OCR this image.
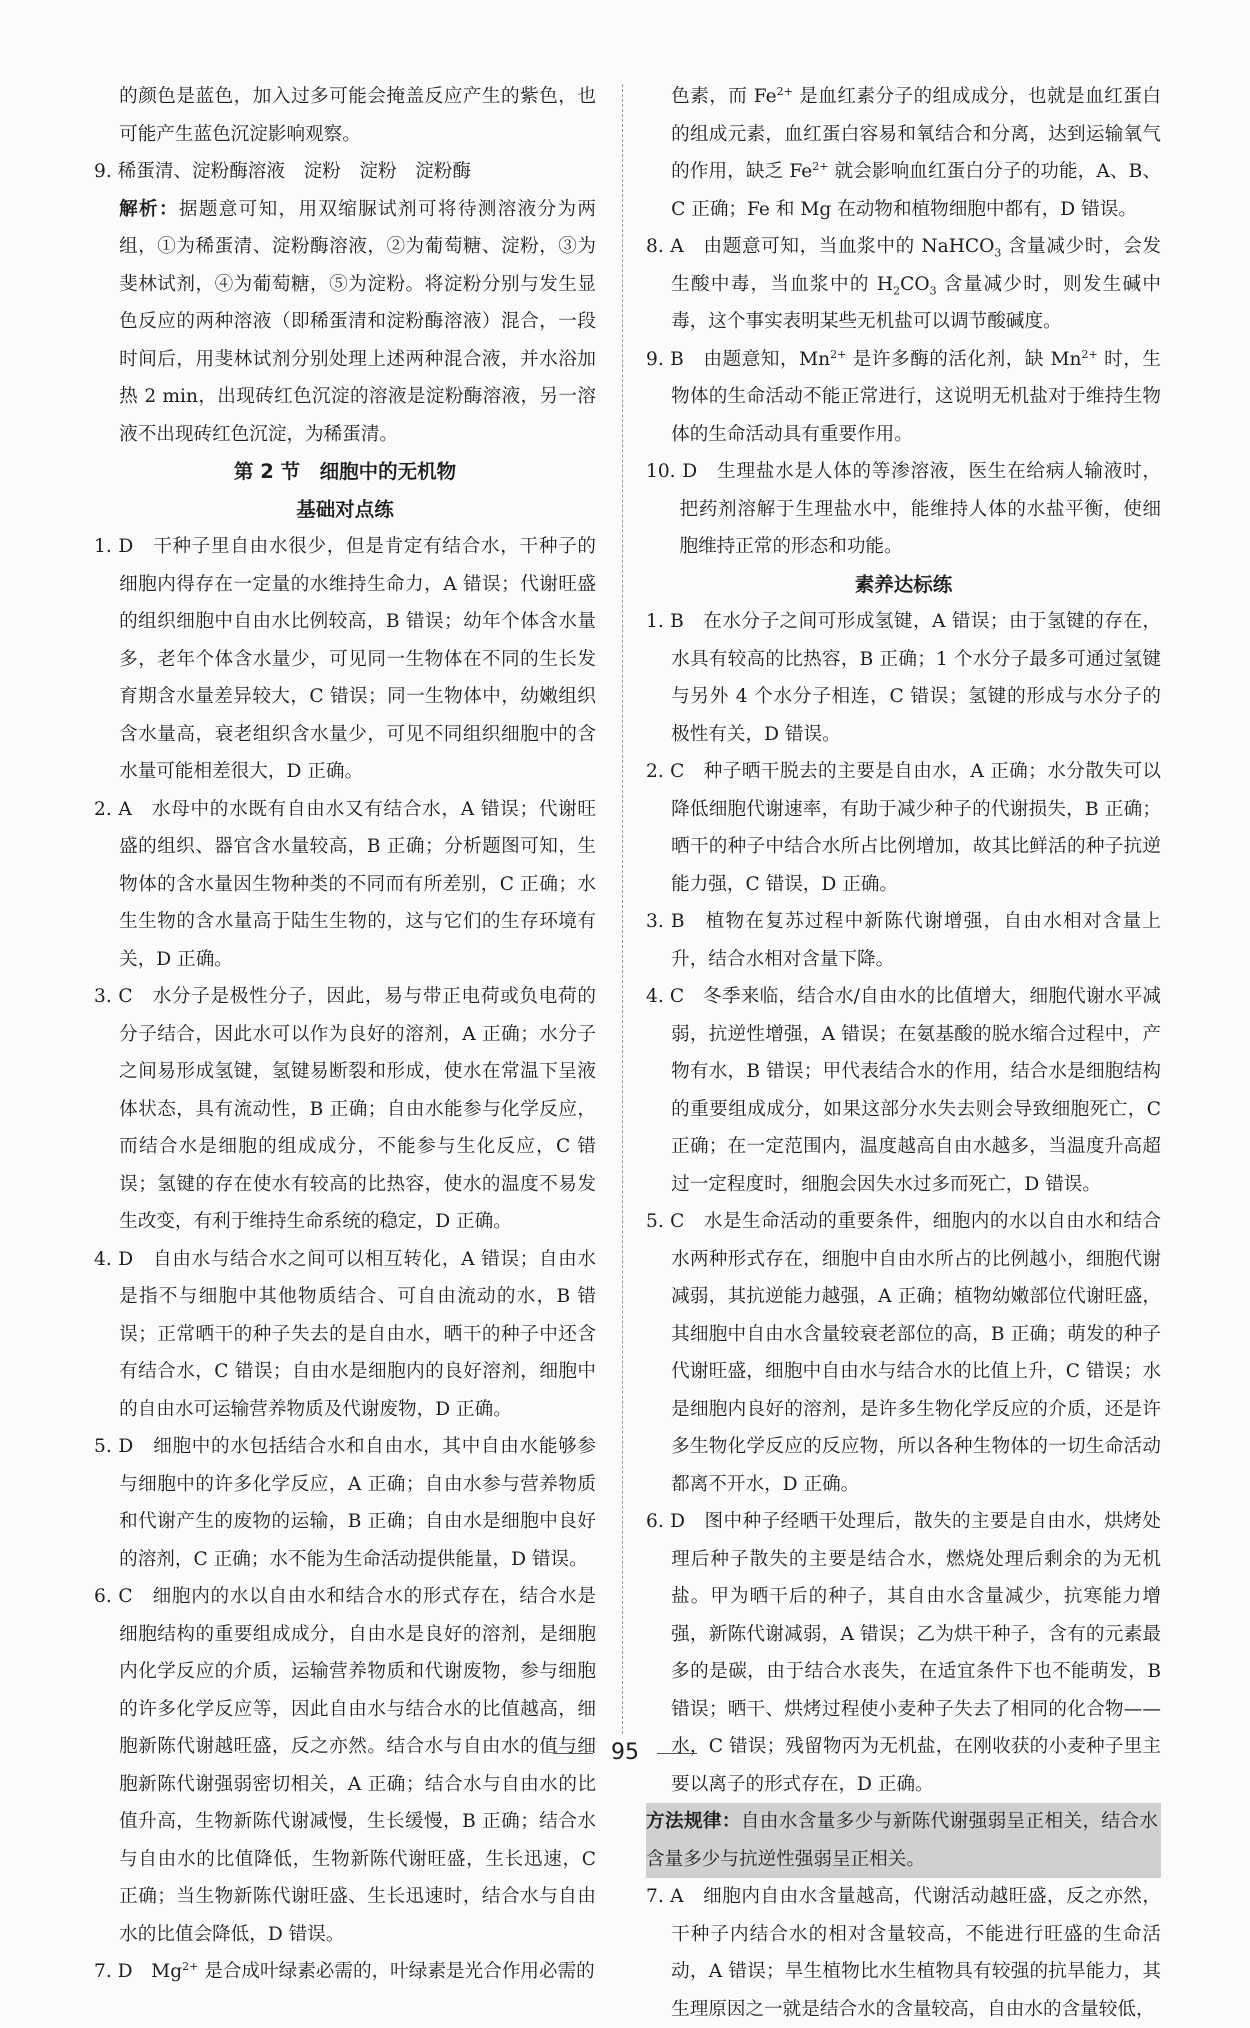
的颜色是蓝色，加入过多可能会掩盖反应产生的紫色，也可能产生蓝色沉淀影响观察。

9. 稀蛋清、淀粉酶溶液　淀粉　淀粉　淀粉酶

解析：据题意可知，用双缩脲试剂可将待测溶液分为两组，①为稀蛋清、淀粉酶溶液，②为葡萄糖、淀粉，③为斐林试剂，④为葡萄糖，⑤为淀粉。将淀粉分别与发生显色反应的两种溶液（即稀蛋清和淀粉酶溶液）混合，一段时间后，用斐林试剂分别处理上述两种混合液，并水浴加热 2 min，出现砖红色沉淀的溶液是淀粉酶溶液，另一溶液不出现砖红色沉淀，为稀蛋清。

第 2 节　细胞中的无机物

基础对点练

1. D　干种子里自由水很少，但是肯定有结合水，干种子的细胞内得存在一定量的水维持生命力，A 错误；代谢旺盛的组织细胞中自由水比例较高，B 错误；幼年个体含水量多，老年个体含水量少，可见同一生物体在不同的生长发育期含水量差异较大，C 错误；同一生物体中，幼嫩组织含水量高，衰老组织含水量少，可见不同组织细胞中的含水量可能相差很大，D 正确。

2. A　水母中的水既有自由水又有结合水，A 错误；代谢旺盛的组织、器官含水量较高，B 正确；分析题图可知，生物体的含水量因生物种类的不同而有所差别，C 正确；水生生物的含水量高于陆生生物的，这与它们的生存环境有关，D 正确。

3. C　水分子是极性分子，因此，易与带正电荷或负电荷的分子结合，因此水可以作为良好的溶剂，A 正确；水分子之间易形成氢键，氢键易断裂和形成，使水在常温下呈液体状态，具有流动性，B 正确；自由水能参与化学反应，而结合水是细胞的组成成分，不能参与生化反应，C 错误；氢键的存在使水有较高的比热容，使水的温度不易发生改变，有利于维持生命系统的稳定，D 正确。

4. D　自由水与结合水之间可以相互转化，A 错误；自由水是指不与细胞中其他物质结合、可自由流动的水，B 错误；正常晒干的种子失去的是自由水，晒干的种子中还含有结合水，C 错误；自由水是细胞内的良好溶剂，细胞中的自由水可运输营养物质及代谢废物，D 正确。

5. D　细胞中的水包括结合水和自由水，其中自由水能够参与细胞中的许多化学反应，A 正确；自由水参与营养物质和代谢产生的废物的运输，B 正确；自由水是细胞中良好的溶剂，C 正确；水不能为生命活动提供能量，D 错误。

6. C　细胞内的水以自由水和结合水的形式存在，结合水是细胞结构的重要组成成分，自由水是良好的溶剂，是细胞内化学反应的介质，运输营养物质和代谢废物，参与细胞的许多化学反应等，因此自由水与结合水的比值越高，细胞新陈代谢越旺盛，反之亦然。结合水与自由水的值与细胞新陈代谢强弱密切相关，A 正确；结合水与自由水的比值升高，生物新陈代谢减慢，生长缓慢，B 正确；结合水与自由水的比值降低，生物新陈代谢旺盛，生长迅速，C 正确；当生物新陈代谢旺盛、生长迅速时，结合水与自由水的比值会降低，D 错误。

7. D　$Mg^{2+}$ 是合成叶绿素必需的，叶绿素是光合作用必需的

色素，而 $Fe^{2+}$ 是血红素分子的组成成分，也就是血红蛋白的组成元素，血红蛋白容易和氧结合和分离，达到运输氧气的作用，缺乏 $Fe^{2+}$ 就会影响血红蛋白分子的功能，A、B、C 正确；Fe 和 Mg 在动物和植物细胞中都有，D 错误。

8. A　由题意可知，当血浆中的 NaHCO$_3$ 含量减少时，会发生酸中毒，当血浆中的 $H_2CO_3$ 含量减少时，则发生碱中毒，这个事实表明某些无机盐可以调节酸碱度。

9. B　由题意知，$Mn^{2+}$ 是许多酶的活化剂，缺 $Mn^{2+}$ 时，生物体的生命活动不能正常进行，这说明无机盐对于维持生物体的生命活动具有重要作用。

10. D　生理盐水是人体的等渗溶液，医生在给病人输液时，把药剂溶解于生理盐水中，能维持人体的水盐平衡，使细胞维持正常的形态和功能。

素养达标练

1. B　在水分子之间可形成氢键，A 错误；由于氢键的存在，水具有较高的比热容，B 正确；1 个水分子最多可通过氢键与另外 4 个水分子相连，C 错误；氢键的形成与水分子的极性有关，D 错误。

2. C　种子晒干脱去的主要是自由水，A 正确；水分散失可以降低细胞代谢速率，有助于减少种子的代谢损失，B 正确；晒干的种子中结合水所占比例增加，故其比鲜活的种子抗逆能力强，C 错误，D 正确。

3. B　植物在复苏过程中新陈代谢增强，自由水相对含量上升，结合水相对含量下降。

4. C　冬季来临，结合水/自由水的比值增大，细胞代谢水平减弱，抗逆性增强，A 错误；在氨基酸的脱水缩合过程中，产物有水，B 错误；甲代表结合水的作用，结合水是细胞结构的重要组成成分，如果这部分水失去则会导致细胞死亡，C 正确；在一定范围内，温度越高自由水越多，当温度升高超过一定程度时，细胞会因失水过多而死亡，D 错误。

5. C　水是生命活动的重要条件，细胞内的水以自由水和结合水两种形式存在，细胞中自由水所占的比例越小，细胞代谢减弱，其抗逆能力越强，A 正确；植物幼嫩部位代谢旺盛，其细胞中自由水含量较衰老部位的高，B 正确；萌发的种子代谢旺盛，细胞中自由水与结合水的比值上升，C 错误；水是细胞内良好的溶剂，是许多生物化学反应的介质，还是许多生物化学反应的反应物，所以各种生物体的一切生命活动都离不开水，D 正确。

6. D　图中种子经晒干处理后，散失的主要是自由水，烘烤处理后种子散失的主要是结合水，燃烧处理后剩余的为无机盐。甲为晒干后的种子，其自由水含量减少，抗寒能力增强，新陈代谢减弱，A 错误；乙为烘干种子，含有的元素最多的是碳，由于结合水丧失，在适宜条件下也不能萌发，B 错误；晒干、烘烤过程使小麦种子失去了相同的化合物——水，C 错误；残留物丙为无机盐，在刚收获的小麦种子里主要以离子的形式存在，D 正确。

方法规律：自由水含量多少与新陈代谢强弱呈正相关，结合水含量多少与抗逆性强弱呈正相关。

7. A　细胞内自由水含量越高，代谢活动越旺盛，反之亦然，干种子内结合水的相对含量较高，不能进行旺盛的生命活动，A 错误；旱生植物比水生植物具有较强的抗旱能力，其生理原因之一就是结合水的含量较高，自由水的含量较低，

95
